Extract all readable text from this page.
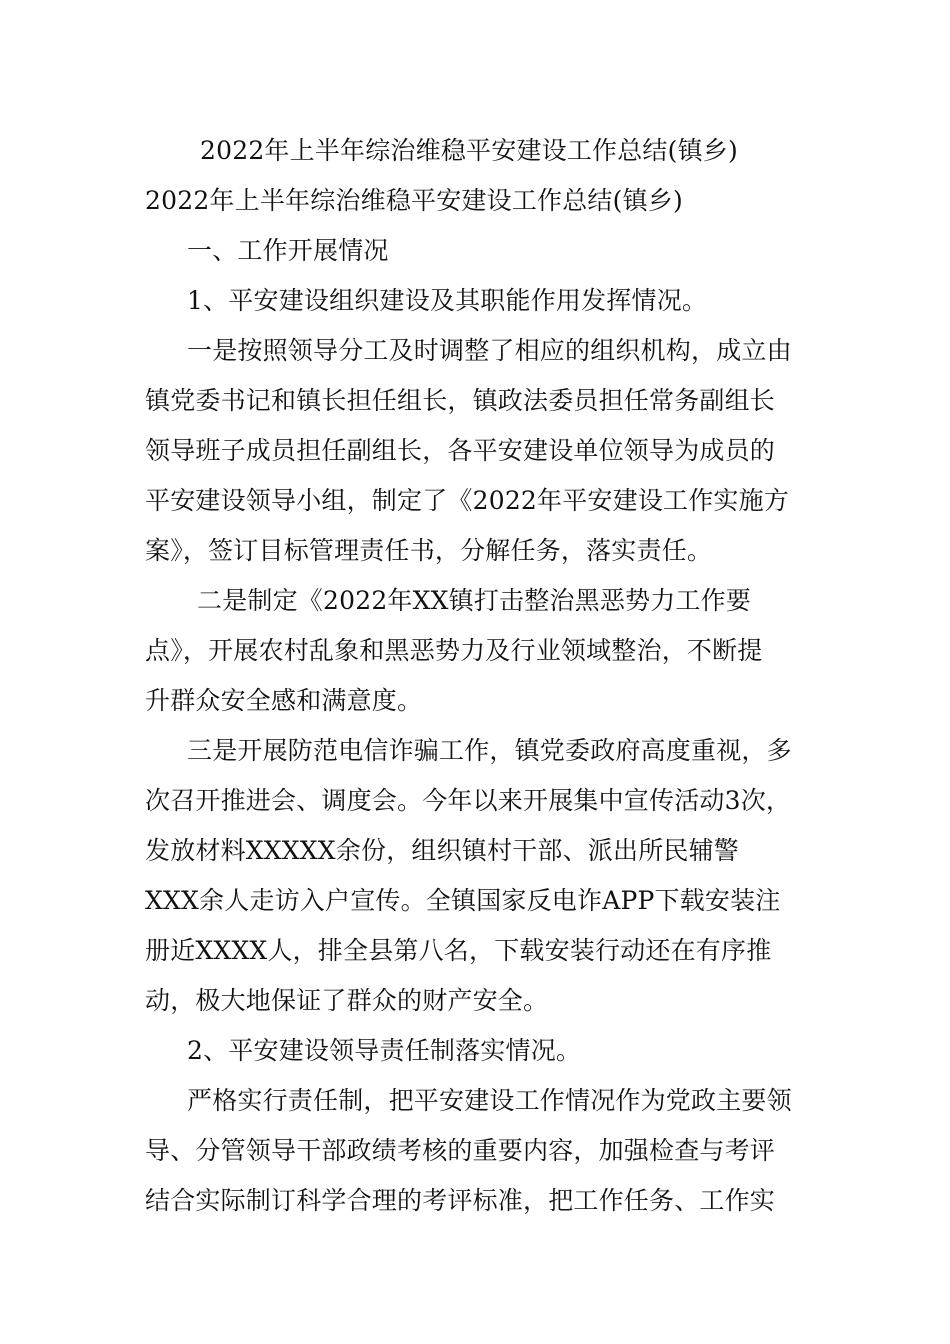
2022年上半年综治维稳平安建设工作总结(镇乡)
2022年上半年综治维稳平安建设工作总结(镇乡)
一、工作开展情况
1、平安建设组织建设及其职能作用发挥情况。
一是按照领导分工及时调整了相应的组织机构，成立由
镇党委书记和镇长担任组长，镇政法委员担任常务副组长
领导班子成员担任副组长，各平安建设单位领导为成员的
平安建设领导小组，制定了《2022年平安建设工作实施方
案》，签订目标管理责任书，分解任务，落实责任。
二是制定《2022年XX镇打击整治黑恶势力工作要
点》，开展农村乱象和黑恶势力及行业领域整治，不断提
升群众安全感和满意度。
三是开展防范电信诈骗工作，镇党委政府高度重视，多
次召开推进会、调度会。今年以来开展集中宣传活动3次，
发放材料XXXXX余份，组织镇村干部、派出所民辅警
XXX余人走访入户宣传。全镇国家反电诈APP下载安装注
册近XXXX人，排全县第八名，下载安装行动还在有序推
动，极大地保证了群众的财产安全。
2、平安建设领导责任制落实情况。
严格实行责任制，把平安建设工作情况作为党政主要领
导、分管领导干部政绩考核的重要内容，加强检查与考评
结合实际制订科学合理的考评标准，把工作任务、工作实
